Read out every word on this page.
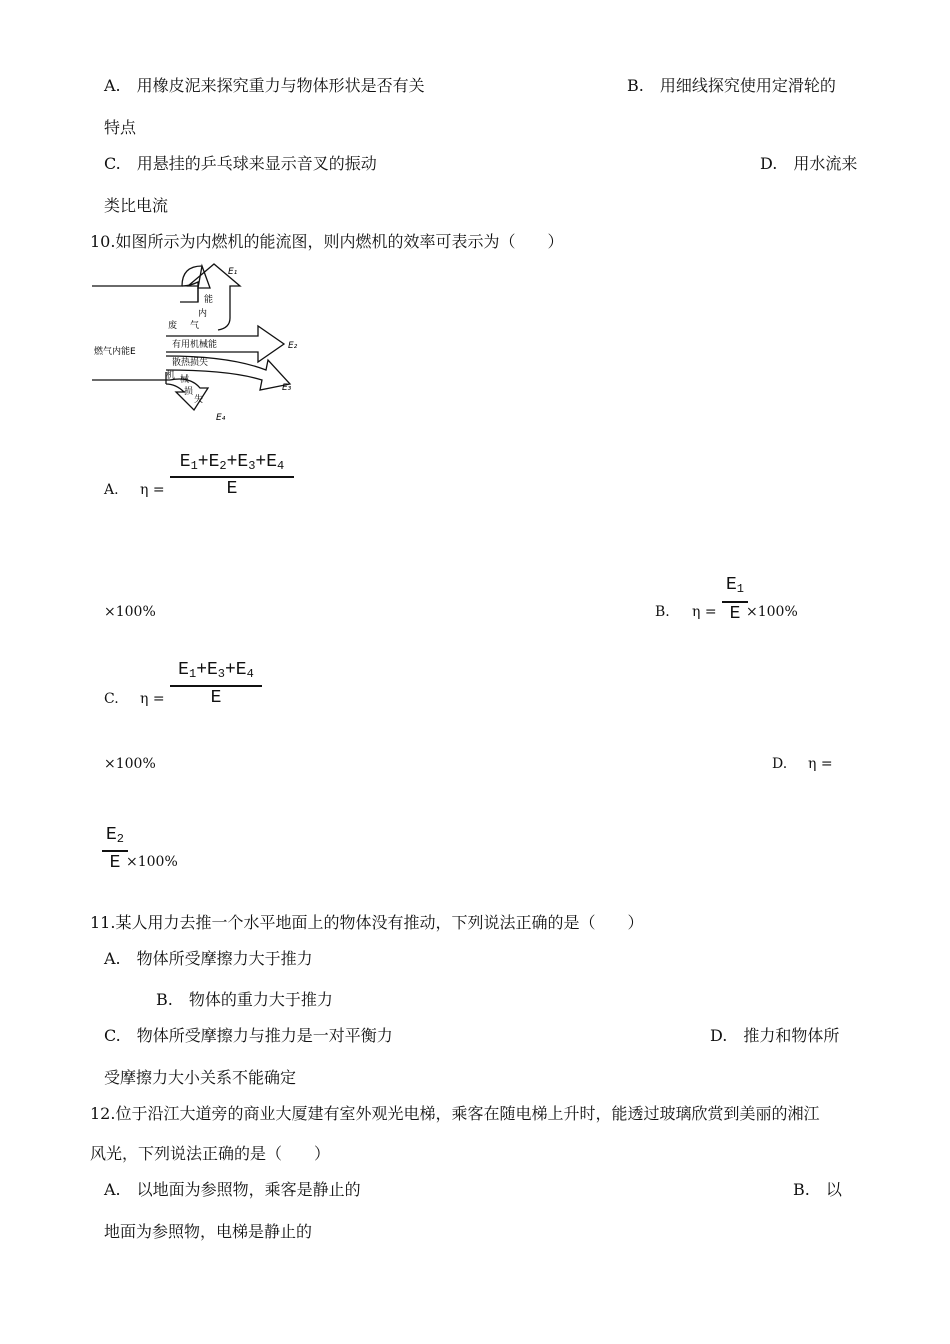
A.　用橡皮泥来探究重力与物体形状是否有关	B.　用细线探究使用定滑轮的
特点
C.　用悬挂的乒乓球来显示音叉的振动	D.　用水流来
类比电流
10.如图所示为内燃机的能流图，则内燃机的效率可表示为（　　）
E₁
E₂
E₃
E₄
能
内
气
废
燃气内能E
有用机械能
散热损失
机 械
损
失
A. η =
$E_1+E_2+E_3+E_4$
E
×100%	B. η =
$E_1$
E ×100%
C. η =
$E_1+E_3+E_4$
E
×100%	D. η =
$E_2$
E ×100%
11.某人用力去推一个水平地面上的物体没有推动，下列说法正确的是（　　）
A.　物体所受摩擦力大于推力
B.　物体的重力大于推力
C.　物体所受摩擦力与推力是一对平衡力	D.　推力和物体所
受摩擦力大小关系不能确定
12.位于沿江大道旁的商业大厦建有室外观光电梯，乘客在随电梯上升时，能透过玻璃欣赏到美丽的湘江
风光，下列说法正确的是（　　）
A.　以地面为参照物，乘客是静止的	B.　以
地面为参照物，电梯是静止的
